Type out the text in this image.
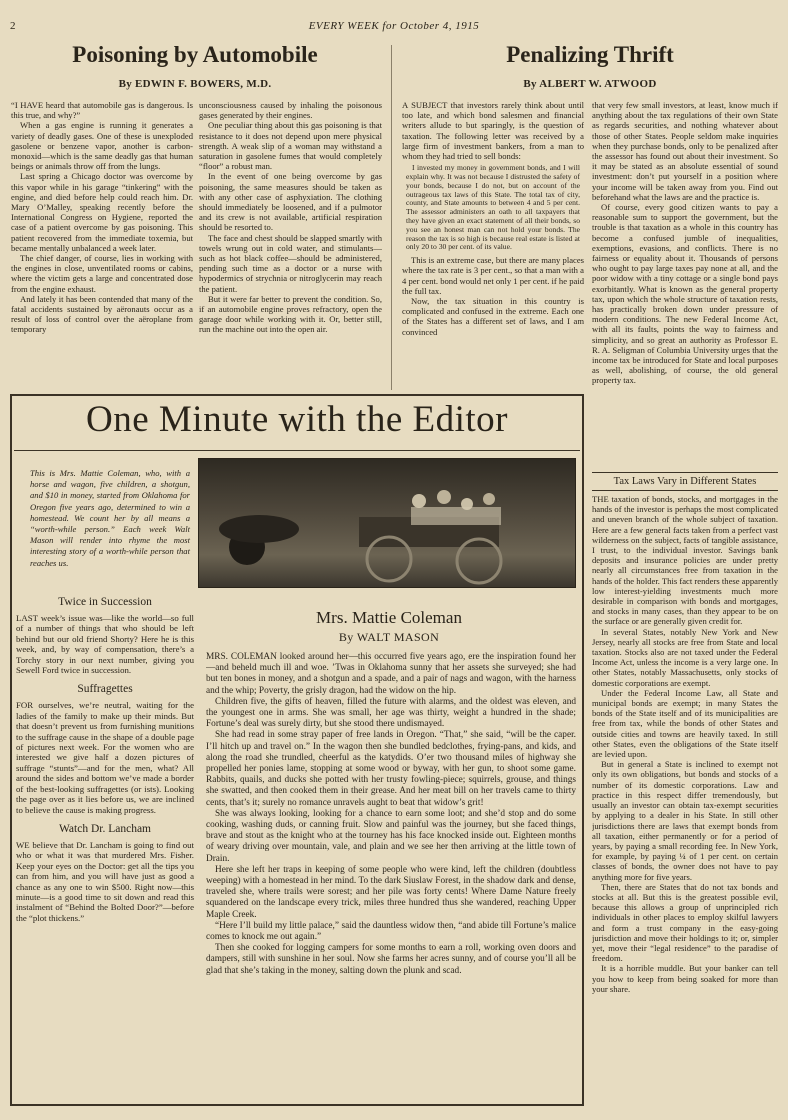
2	EVERY WEEK for October 4, 1915
Poisoning by Automobile
By EDWIN F. BOWERS, M.D.

“I HAVE heard that automobile gas is dangerous. Is this true, and why?”

When a gas engine is running it generates a variety of deadly gases. One of these is unexploded gasolene or benzene vapor, another is carbon-monoxid—which is the same deadly gas that human beings or animals throw off from the lungs.

Last spring a Chicago doctor was overcome by this vapor while in his garage “tinkering” with the engine, and died before help could reach him. Dr. Mary O’Malley, speaking recently before the International Congress on Hygiene, reported the case of a patient overcome by gas poisoning. This patient recovered from the immediate toxemia, but became mentally unbalanced a week later.

The chief danger, of course, lies in working with the engines in close, unventilated rooms or cabins, where the victim gets a large and concentrated dose from the engine exhaust.

And lately it has been contended that many of the fatal accidents sustained by aëronauts occur as a result of loss of control over the aëroplane from temporary

unconsciousness caused by inhaling the poisonous gases generated by their engines.

One peculiar thing about this gas poisoning is that resistance to it does not depend upon mere physical strength. A weak slip of a woman may withstand a saturation in gasolene fumes that would completely “floor” a robust man.

In the event of one being overcome by gas poisoning, the same measures should be taken as with any other case of asphyxiation. The clothing should immediately be loosened, and if a pulmotor and its crew is not available, artificial respiration should be resorted to.

The face and chest should be slapped smartly with towels wrung out in cold water, and stimulants—such as hot black coffee—should be administered, pending such time as a doctor or a nurse with hypodermics of strychnia or nitroglycerin may reach the patient.

But it were far better to prevent the condition. So, if an automobile engine proves refractory, open the garage door while working with it. Or, better still, run the machine out into the open air.

Penalizing Thrift
By ALBERT W. ATWOOD

A SUBJECT that investors rarely think about until too late, and which bond salesmen and financial writers allude to but sparingly, is the question of taxation. The following letter was received by a large firm of investment bankers, from a man to whom they had tried to sell bonds:

I invested my money in government bonds, and I will explain why. It was not because I distrusted the safety of your bonds, because I do not, but on account of the outrageous tax laws of this State. The total tax of city, county, and State amounts to between 4 and 5 per cent. The assessor administers an oath to all taxpayers that they have given an exact statement of all their bonds, so you see an honest man can not hold your bonds. The reason the tax is so high is because real estate is listed at only 20 to 30 per cent. of its value.

This is an extreme case, but there are many places where the tax rate is 3 per cent., so that a man with a 4 per cent. bond would net only 1 per cent. if he paid the full tax.

Now, the tax situation in this country is complicated and confused in the extreme. Each one of the States has a different set of laws, and I am convinced

that very few small investors, at least, know much if anything about the tax regulations of their own State as regards securities, and nothing whatever about those of other States. People seldom make inquiries when they purchase bonds, only to be penalized after the assessor has found out about their investment. So it may be stated as an absolute essential of sound investment: don’t put yourself in a position where your income will be taken away from you. Find out beforehand what the laws are and the practice is.

Of course, every good citizen wants to pay a reasonable sum to support the government, but the trouble is that taxation as a whole in this country has become a confused jumble of inequalities, exemptions, evasions, and conflicts. There is no fairness or equality about it. Thousands of persons who ought to pay large taxes pay none at all, and the poor widow with a tiny cottage or a single bond pays exorbitantly. What is known as the general property tax, upon which the whole structure of taxation rests, has practically broken down under pressure of modern conditions. The new Federal Income Act, with all its faults, points the way to fairness and simplicity, and so great an authority as Professor E. R. A. Seligman of Columbia University urges that the income tax be introduced for State and local purposes as well, abolishing, of course, the old general property tax.

Tax Laws Vary in Different States

THE taxation of bonds, stocks, and mortgages in the hands of the investor is perhaps the most complicated and uneven branch of the whole subject of taxation. Here are a few general facts taken from a perfect vast wilderness on the subject, facts of tangible assistance, I trust, to the individual investor. Savings bank deposits and insurance policies are under pretty nearly all circumstances free from taxation in the hands of the holder. This fact renders these apparently low interest-yielding investments much more desirable in comparison with bonds and mortgages, and stocks in many cases, than they appear to be on the surface or are generally given credit for.

In several States, notably New York and New Jersey, nearly all stocks are free from State and local taxation. Stocks also are not taxed under the Federal Income Act, unless the income is a very large one. In other States, notably Massachusetts, only stocks of domestic corporations are exempt.

Under the Federal Income Law, all State and municipal bonds are exempt; in many States the bonds of the State itself and of its municipalities are free from tax, while the bonds of other States and outside cities and towns are heavily taxed. In still other States, even the obligations of the State itself are levied upon.

But in general a State is inclined to exempt not only its own obligations, but bonds and stocks of a number of its domestic corporations. Law and practice in this respect differ tremendously, but usually an investor can obtain tax-exempt securities by applying to a dealer in his State. In still other jurisdictions there are laws that exempt bonds from all taxation, either permanently or for a period of years, by paying a small recording fee. In New York, for example, by paying ¼ of 1 per cent. on certain classes of bonds, the owner does not have to pay anything more for five years.

Then, there are States that do not tax bonds and stocks at all. But this is the greatest possible evil, because this allows a group of unprincipled rich individuals in other places to employ skilful lawyers and form a trust company in the easy-going jurisdiction and move their holdings to it; or, simpler yet, move their “legal residence” to the paradise of freedom.

It is a horrible muddle. But your banker can tell you how to keep from being soaked for more than your share.

One Minute with the Editor
This is Mrs. Mattie Coleman, who, with a horse and wagon, five children, a shotgun, and $10 in money, started from Oklahoma for Oregon five years ago, determined to win a homestead. We count her by all means a “worth-while person.” Each week Walt Mason will render into rhyme the most interesting story of a worth-while person that reaches us.
Twice in Succession

LAST week’s issue was—like the world—so full of a number of things that who should be left behind but our old friend Shorty? Here he is this week, and, by way of compensation, there’s a Torchy story in our next number, giving you Sewell Ford twice in succession.

Suffragettes

FOR ourselves, we’re neutral, waiting for the ladies of the family to make up their minds. But that doesn’t prevent us from furnishing munitions to the suffrage cause in the shape of a double page of pictures next week. For the women who are interested we give half a dozen pictures of suffrage “stunts”—and for the men, what? All around the sides and bottom we’ve made a border of the best-looking suffragettes (or ists). Looking the page over as it lies before us, we are inclined to believe the cause is making progress.

Watch Dr. Lancham

WE believe that Dr. Lancham is going to find out who or what it was that murdered Mrs. Fisher. Keep your eyes on the Doctor: get all the tips you can from him, and you will have just as good a chance as any one to win $500. Right now—this minute—is a good time to sit down and read this instalment of “Behind the Bolted Door?”—before the “plot thickens.”

Mrs. Mattie Coleman
By WALT MASON

MRS. COLEMAN looked around her—this occurred five years ago, ere the inspiration found her—and beheld much ill and woe. ’Twas in Oklahoma sunny that her assets she surveyed; she had but ten bones in money, and a shotgun and a spade, and a pair of nags and wagon, with the harness and the whip; Poverty, the grisly dragon, had the widow on the hip.

Children five, the gifts of heaven, filled the future with alarms, and the oldest was eleven, and the youngest one in arms. She was small, her age was thirty, weight a hundred in the shade; Fortune’s deal was surely dirty, but she stood there undismayed.

She had read in some stray paper of free lands in Oregon. “That,” she said, “will be the caper. I’ll hitch up and travel on.” In the wagon then she bundled bedclothes, frying-pans, and kids, and along the road she trundled, cheerful as the katydids. O’er two thousand miles of highway she propelled her ponies lame, stopping at some wood or byway, with her gun, to shoot some game. Rabbits, quails, and ducks she potted with her trusty fowling-piece; squirrels, grouse, and things she swatted, and then cooked them in their grease. And her meat bill on her travels came to thirty cents, that’s it; surely no romance unravels aught to beat that widow’s grit!

She was always looking, looking for a chance to earn some loot; and she’d stop and do some cooking, washing duds, or canning fruit. Slow and painful was the journey, but she faced things, brave and stout as the knight who at the tourney has his face knocked inside out. Eighteen months of weary driving over mountain, vale, and plain and we see her then arriving at the little town of Drain.

Here she left her traps in keeping of some people who were kind, left the children (doubtless weeping) with a homestead in her mind. To the dark Siuslaw Forest, in the shadow dark and dense, traveled she, where trails were sorest; and her pile was forty cents! Where Dame Nature freely squandered on the landscape every trick, miles three hundred thus she wandered, reaching Upper Maple Creek.

“Here I’ll build my little palace,” said the dauntless widow then, “and abide till Fortune’s malice comes to knock me out again.”

Then she cooked for logging campers for some months to earn a roll, working oven doors and dampers, still with sunshine in her soul. Now she farms her acres sunny, and of course you’ll all be glad that she’s taking in the money, salting down the plunk and scad.
